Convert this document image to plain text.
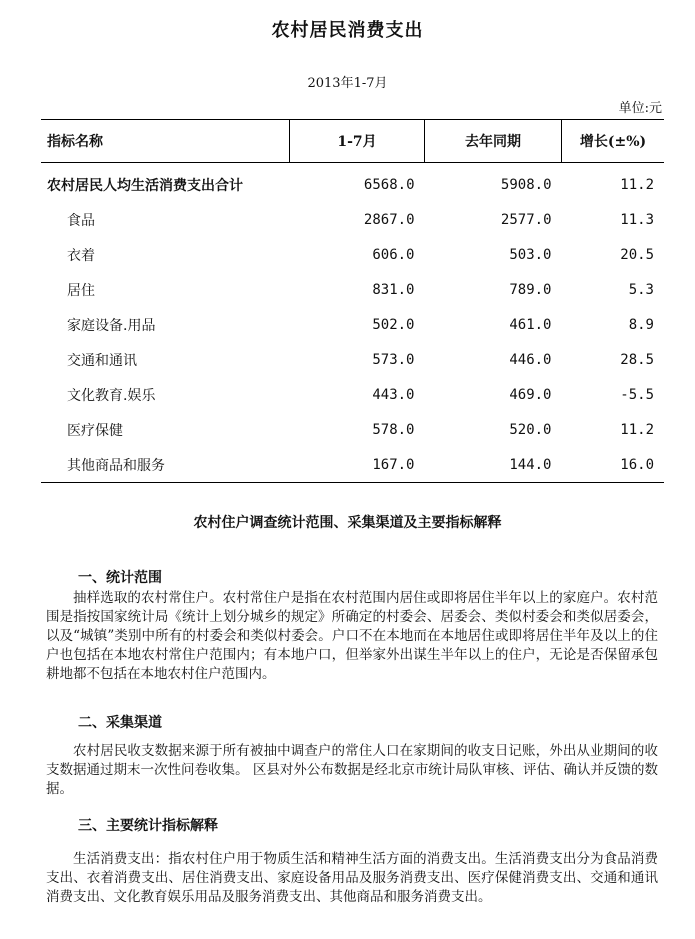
农村居民消费支出
2013年1-7月
单位:元
指标名称	1-7月	去年同期	增长(±%)
农村居民人均生活消费支出合计	6568.0	5908.0	11.2
食品	2867.0	2577.0	11.3
衣着	606.0	503.0	20.5
居住	831.0	789.0	5.3
家庭设备.用品	502.0	461.0	8.9
交通和通讯	573.0	446.0	28.5
文化教育.娱乐	443.0	469.0	-5.5
医疗保健	578.0	520.0	11.2
其他商品和服务	167.0	144.0	16.0
农村住户调查统计范围、采集渠道及主要指标解释
一、统计范围
抽样选取的农村常住户。农村常住户是指在农村范围内居住或即将居住半年以上的家庭户。农村范围是指按国家统计局《统计上划分城乡的规定》所确定的村委会、居委会、类似村委会和类似居委会，以及“城镇”类别中所有的村委会和类似村委会。户口不在本地而在本地居住或即将居住半年及以上的住户也包括在本地农村常住户范围内；有本地户口，但举家外出谋生半年以上的住户，无论是否保留承包耕地都不包括在本地农村住户范围内。
二、采集渠道
农村居民收支数据来源于所有被抽中调查户的常住人口在家期间的收支日记账，外出从业期间的收支数据通过期末一次性问卷收集。 区县对外公布数据是经北京市统计局队审核、评估、确认并反馈的数据。
三、主要统计指标解释
生活消费支出：指农村住户用于物质生活和精神生活方面的消费支出。生活消费支出分为食品消费支出、衣着消费支出、居住消费支出、家庭设备用品及服务消费支出、医疗保健消费支出、交通和通讯消费支出、文化教育娱乐用品及服务消费支出、其他商品和服务消费支出。
